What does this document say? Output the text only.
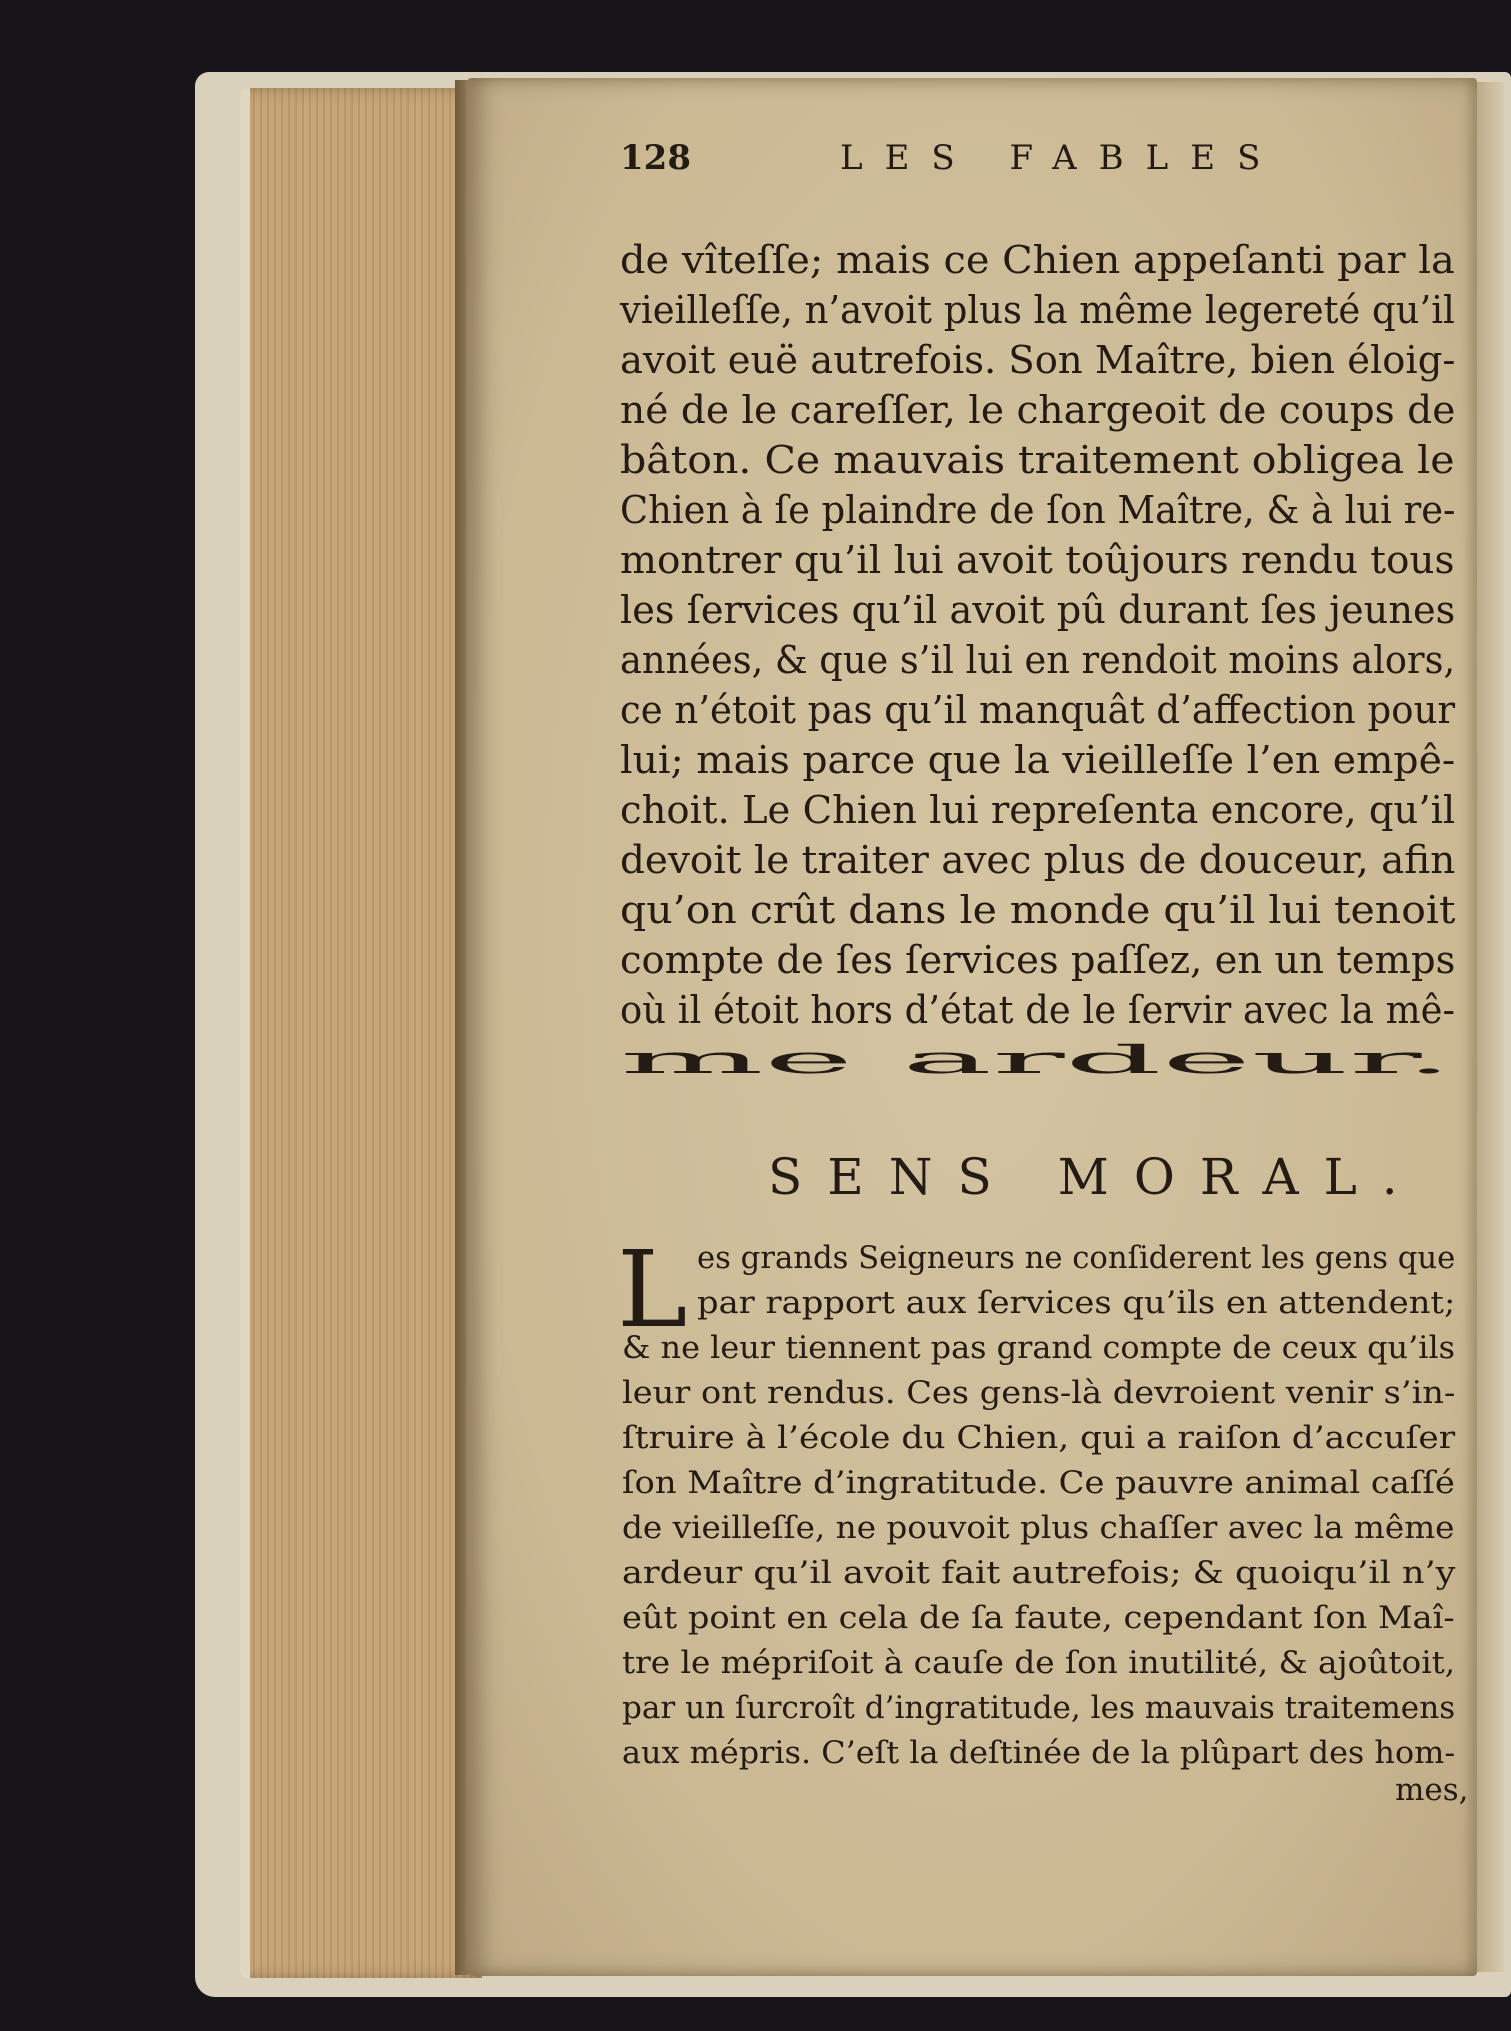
128	LES FABLES
de vîteſſe; mais ce Chien appeſanti par la
vieilleſſe, n’avoit plus la même legereté qu’il
avoit euë autrefois. Son Maître, bien éloig-
né de le careſſer, le chargeoit de coups de
bâton. Ce mauvais traitement obligea le
Chien à ſe plaindre de ſon Maître, & à lui re-
montrer qu’il lui avoit toûjours rendu tous
les ſervices qu’il avoit pû durant ſes jeunes
années, & que s’il lui en rendoit moins alors,
ce n’étoit pas qu’il manquât d’affection pour
lui; mais parce que la vieilleſſe l’en empê-
choit. Le Chien lui repreſenta encore, qu’il
devoit le traiter avec plus de douceur, afin
qu’on crût dans le monde qu’il lui tenoit
compte de ſes ſervices paſſez, en un temps
où il étoit hors d’état de le ſervir avec la mê-
me ardeur.
SENS MORAL.
L es grands Seigneurs ne conſiderent les gens que
par rapport aux ſervices qu’ils en attendent;
& ne leur tiennent pas grand compte de ceux qu’ils
leur ont rendus. Ces gens-là devroient venir s’in-
ſtruire à l’école du Chien, qui a raiſon d’accuſer
ſon Maître d’ingratitude. Ce pauvre animal caſſé
de vieilleſſe, ne pouvoit plus chaſſer avec la même
ardeur qu’il avoit fait autrefois; & quoiqu’il n’y
eût point en cela de ſa faute, cependant ſon Maî-
tre le mépriſoit à cauſe de ſon inutilité, & ajoûtoit,
par un ſurcroît d’ingratitude, les mauvais traitemens
aux mépris. C’eſt la deſtinée de la plûpart des hom-
mes,
